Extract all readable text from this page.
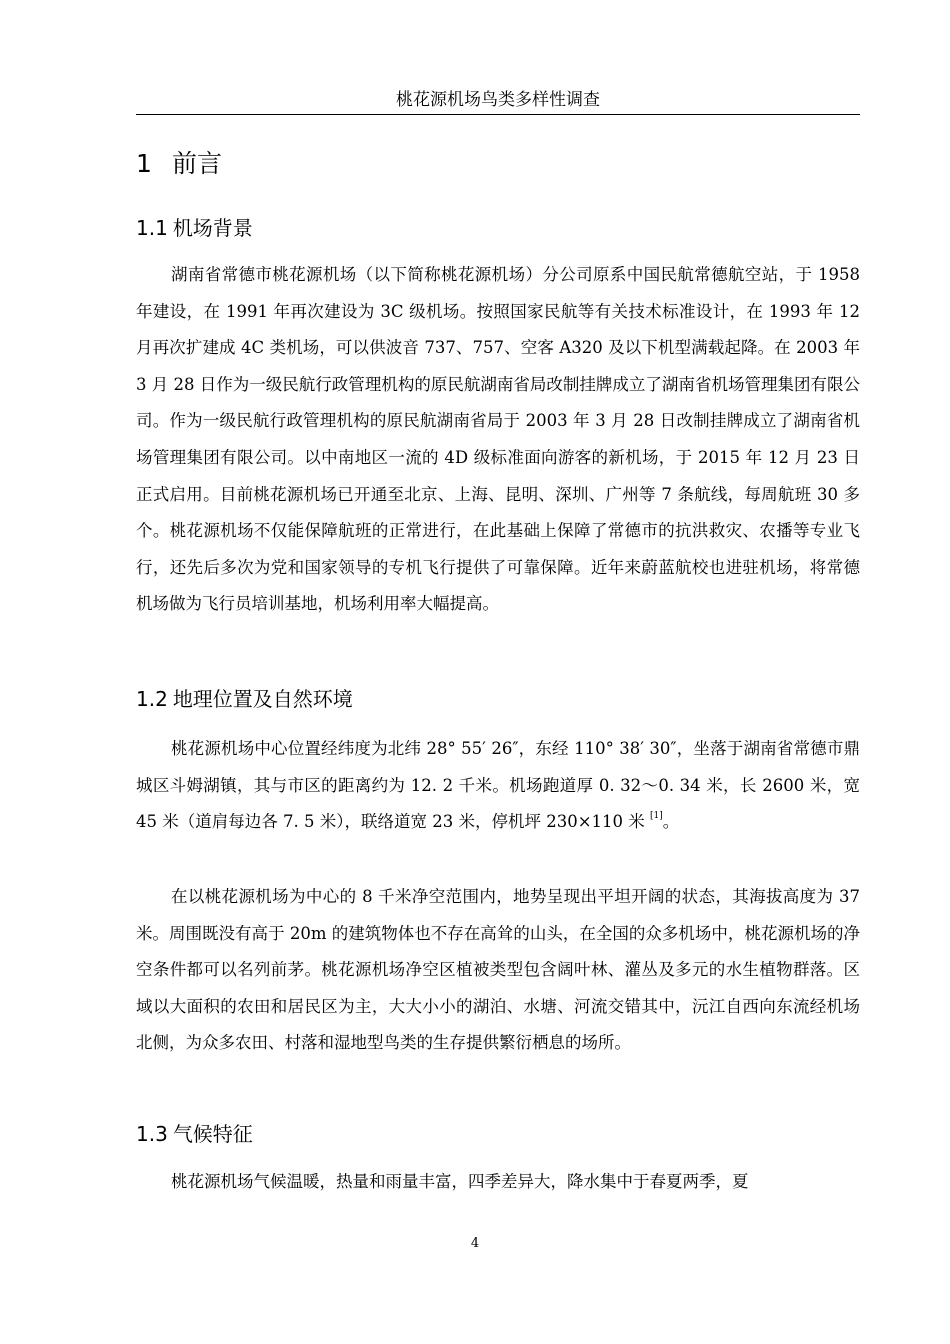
桃花源机场鸟类多样性调查
1 前言
1.1 机场背景
湖南省常德市桃花源机场（以下简称桃花源机场）分公司原系中国民航常德航空站，于 1958 年建设，在 1991 年再次建设为 3C 级机场。按照国家民航等有关技术标准设计，在 1993 年 12 月再次扩建成 4C 类机场，可以供波音 737、757、空客 A320 及以下机型满载起降。在 2003 年 3 月 28 日作为一级民航行政管理机构的原民航湖南省局改制挂牌成立了湖南省机场管理集团有限公司。作为一级民航行政管理机构的原民航湖南省局于 2003 年 3 月 28 日改制挂牌成立了湖南省机场管理集团有限公司。以中南地区一流的 4D 级标准面向游客的新机场，于 2015 年 12 月 23 日正式启用。目前桃花源机场已开通至北京、上海、昆明、深圳、广州等 7 条航线，每周航班 30 多个。桃花源机场不仅能保障航班的正常进行，在此基础上保障了常德市的抗洪救灾、农播等专业飞行，还先后多次为党和国家领导的专机飞行提供了可靠保障。近年来蔚蓝航校也进驻机场，将常德机场做为飞行员培训基地，机场利用率大幅提高。
1.2 地理位置及自然环境
桃花源机场中心位置经纬度为北纬 28° 55′ 26″，东经 110° 38′ 30″，坐落于湖南省常德市鼎城区斗姆湖镇，其与市区的距离约为 12. 2 千米。机场跑道厚 0. 32～0. 34 米，长 2600 米，宽 45 米（道肩每边各 7. 5 米），联络道宽 23 米，停机坪 230×110 米 [1]。
在以桃花源机场为中心的 8 千米净空范围内，地势呈现出平坦开阔的状态，其海拔高度为 37 米。周围既没有高于 20m 的建筑物体也不存在高耸的山头，在全国的众多机场中，桃花源机场的净空条件都可以名列前茅。桃花源机场净空区植被类型包含阔叶林、灌丛及多元的水生植物群落。区域以大面积的农田和居民区为主，大大小小的湖泊、水塘、河流交错其中，沅江自西向东流经机场北侧，为众多农田、村落和湿地型鸟类的生存提供繁衍栖息的场所。
1.3 气候特征
桃花源机场气候温暖，热量和雨量丰富，四季差异大，降水集中于春夏两季，夏
4
